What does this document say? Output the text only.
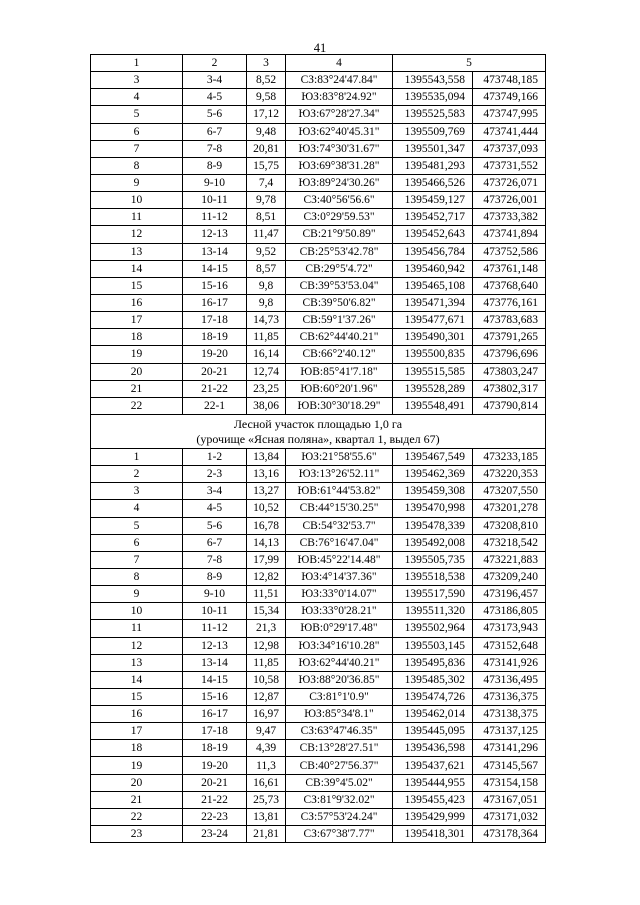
41
1	2	3	4	5	
3	3-4	8,52	СЗ:83°24'47.84"	1395543,558	473748,185
4	4-5	9,58	ЮЗ:83°8'24.92"	1395535,094	473749,166
5	5-6	17,12	ЮЗ:67°28'27.34"	1395525,583	473747,995
6	6-7	9,48	ЮЗ:62°40'45.31"	1395509,769	473741,444
7	7-8	20,81	ЮЗ:74°30'31.67"	1395501,347	473737,093
8	8-9	15,75	ЮЗ:69°38'31.28"	1395481,293	473731,552
9	9-10	7,4	ЮЗ:89°24'30.26"	1395466,526	473726,071
10	10-11	9,78	СЗ:40°56'56.6"	1395459,127	473726,001
11	11-12	8,51	СЗ:0°29'59.53"	1395452,717	473733,382
12	12-13	11,47	СВ:21°9'50.89"	1395452,643	473741,894
13	13-14	9,52	СВ:25°53'42.78"	1395456,784	473752,586
14	14-15	8,57	СВ:29°5'4.72"	1395460,942	473761,148
15	15-16	9,8	СВ:39°53'53.04"	1395465,108	473768,640
16	16-17	9,8	СВ:39°50'6.82"	1395471,394	473776,161
17	17-18	14,73	СВ:59°1'37.26"	1395477,671	473783,683
18	18-19	11,85	СВ:62°44'40.21"	1395490,301	473791,265
19	19-20	16,14	СВ:66°2'40.12"	1395500,835	473796,696
20	20-21	12,74	ЮВ:85°41'7.18"	1395515,585	473803,247
21	21-22	23,25	ЮВ:60°20'1.96"	1395528,289	473802,317
22	22-1	38,06	ЮВ:30°30'18.29"	1395548,491	473790,814

Лесной участок площадью 1,0 га
(урочище «Ясная поляна», квартал 1, выдел 67)					

1	1-2	13,84	ЮЗ:21°58'55.6"	1395467,549	473233,185
2	2-3	13,16	ЮЗ:13°26'52.11"	1395462,369	473220,353
3	3-4	13,27	ЮВ:61°44'53.82"	1395459,308	473207,550
4	4-5	10,52	СВ:44°15'30.25"	1395470,998	473201,278
5	5-6	16,78	СВ:54°32'53.7"	1395478,339	473208,810
6	6-7	14,13	СВ:76°16'47.04"	1395492,008	473218,542
7	7-8	17,99	ЮВ:45°22'14.48"	1395505,735	473221,883
8	8-9	12,82	ЮЗ:4°14'37.36"	1395518,538	473209,240
9	9-10	11,51	ЮЗ:33°0'14.07"	1395517,590	473196,457
10	10-11	15,34	ЮЗ:33°0'28.21"	1395511,320	473186,805
11	11-12	21,3	ЮВ:0°29'17.48"	1395502,964	473173,943
12	12-13	12,98	ЮЗ:34°16'10.28"	1395503,145	473152,648
13	13-14	11,85	ЮЗ:62°44'40.21"	1395495,836	473141,926
14	14-15	10,58	ЮЗ:88°20'36.85"	1395485,302	473136,495
15	15-16	12,87	СЗ:81°1'0.9"	1395474,726	473136,375
16	16-17	16,97	ЮЗ:85°34'8.1"	1395462,014	473138,375
17	17-18	9,47	СЗ:63°47'46.35"	1395445,095	473137,125
18	18-19	4,39	СВ:13°28'27.51"	1395436,598	473141,296
19	19-20	11,3	СВ:40°27'56.37"	1395437,621	473145,567
20	20-21	16,61	СВ:39°4'5.02"	1395444,955	473154,158
21	21-22	25,73	СЗ:81°9'32.02"	1395455,423	473167,051
22	22-23	13,81	СЗ:57°53'24.24"	1395429,999	473171,032
23	23-24	21,81	СЗ:67°38'7.77"	1395418,301	473178,364
